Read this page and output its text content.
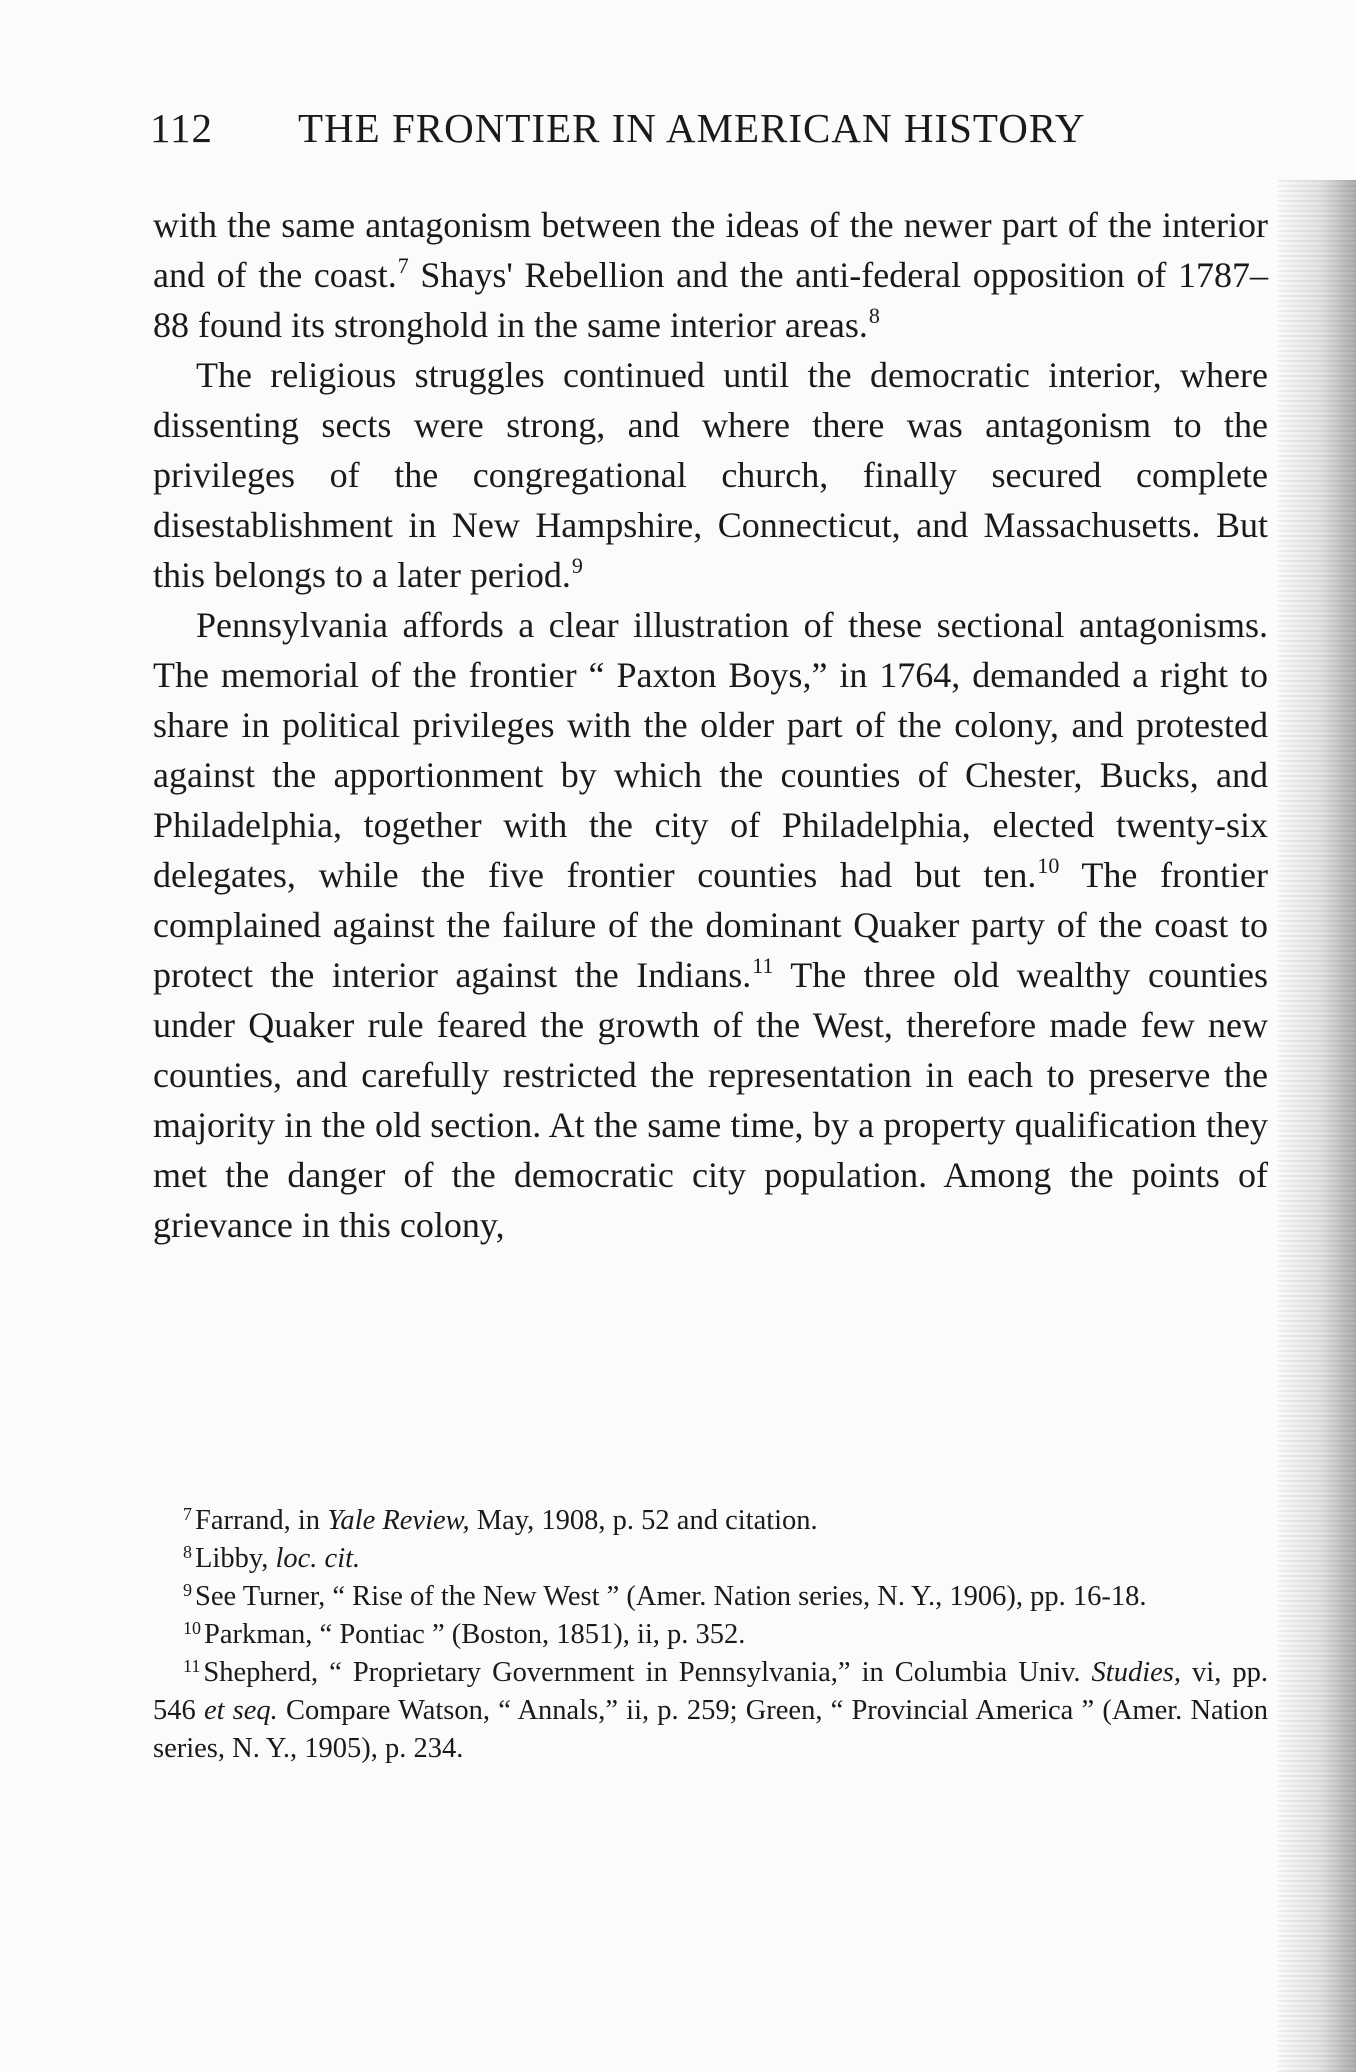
112 THE FRONTIER IN AMERICAN HISTORY

with the same antagonism between the ideas of the newer part of the interior and of the coast.$^7$ Shays' Rebellion and the anti-federal opposition of 1787–88 found its stronghold in the same interior areas.$^8$

The religious struggles continued until the democratic interior, where dissenting sects were strong, and where there was antagonism to the privileges of the congregational church, finally secured complete disestablishment in New Hampshire, Connecticut, and Massachusetts. But this belongs to a later period.$^9$

Pennsylvania affords a clear illustration of these sectional antagonisms. The memorial of the frontier “ Paxton Boys,” in 1764, demanded a right to share in political privileges with the older part of the colony, and protested against the apportionment by which the counties of Chester, Bucks, and Philadelphia, together with the city of Philadelphia, elected twenty-six delegates, while the five frontier counties had but ten.$^{10}$ The frontier complained against the failure of the dominant Quaker party of the coast to protect the interior against the Indians.$^{11}$ The three old wealthy counties under Quaker rule feared the growth of the West, therefore made few new counties, and carefully restricted the representation in each to preserve the majority in the old section. At the same time, by a property qualification they met the danger of the democratic city population. Among the points of grievance in this colony,

$^7$ Farrand, in Yale Review, May, 1908, p. 52 and citation.

$^8$ Libby, loc. cit.

$^9$ See Turner, “ Rise of the New West ” (Amer. Nation series, N. Y., 1906), pp. 16-18.

$^{10}$ Parkman, “ Pontiac ” (Boston, 1851), ii, p. 352.

$^{11}$ Shepherd, “ Proprietary Government in Pennsylvania,” in Columbia Univ. Studies, vi, pp. 546 et seq. Compare Watson, “ Annals,” ii, p. 259; Green, “ Provincial America ” (Amer. Nation series, N. Y., 1905), p. 234.
